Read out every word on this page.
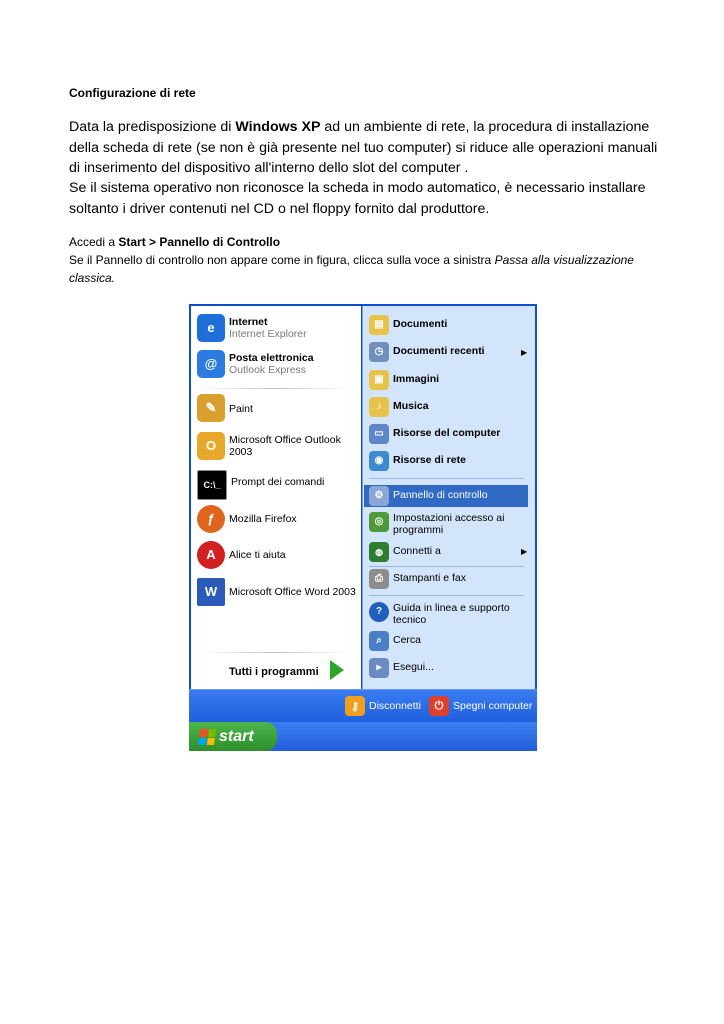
Configurazione di rete
Data la predisposizione di Windows XP ad un ambiente di rete, la procedura di installazione della scheda di rete (se non è già presente nel tuo computer) si riduce alle operazioni manuali di inserimento del dispositivo all'interno dello slot del computer .
Se il sistema operativo non riconosce la scheda in modo automatico, è necessario installare soltanto i driver contenuti nel CD o nel floppy fornito dal produttore.
Accedi a Start > Pannello di Controllo
Se il Pannello di controllo non appare come in figura, clicca sulla voce a sinistra Passa alla visualizzazione classica.
e	Internet
Internet Explorer
@	Posta elettronica
Outlook Express
✎	Paint
O	Microsoft Office Outlook 2003
C:\_	Prompt dei comandi
ƒ	Mozilla Firefox
A	Alice ti aiuta
W	Microsoft Office Word 2003
Tutti i programmi
▤ Documenti
◷ Documenti recenti	▶
▣ Immagini
♪	Musica
▭ Risorse del computer
◉ Risorse di rete
⚙ Pannello di controllo
◎ Impostazioni accesso ai programmi
◍ Connetti a	▶
⎙ Stampanti e fax
?	Guida in linea e supporto tecnico
⌕	Cerca
▸	Esegui...
⚷ Disconnetti	⏻ Spegni computer
start
